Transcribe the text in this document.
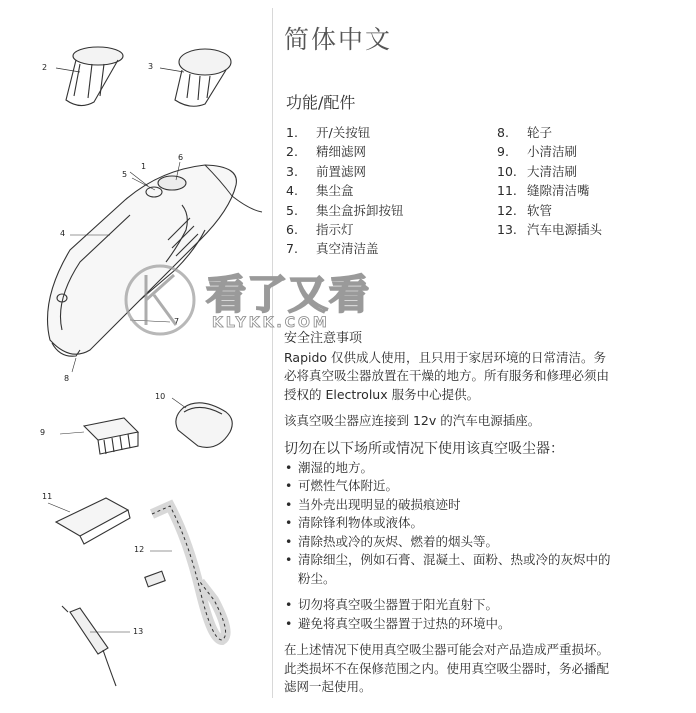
2	3
1
6
5
4
7
8
10
9
11
12
13
简体中文
功能/配件
1. 开/关按钮
2. 精细滤网
3. 前置滤网
4. 集尘盒
5. 集尘盒拆卸按钮
6. 指示灯
7. 真空清洁盖
8. 轮子
9. 小清洁刷
10. 大清洁刷
11. 缝隙清洁嘴
12. 软管
13. 汽车电源插头

安全注意事项

Rapido 仅供成人使用，且只用于家居环境的日常清洁。务

必将真空吸尘器放置在干燥的地方。所有服务和修理必须由

授权的 Electrolux 服务中心提供。

该真空吸尘器应连接到 12v 的汽车电源插座。

切勿在以下场所或情况下使用该真空吸尘器：

• 潮湿的地方。
• 可燃性气体附近。
• 当外壳出现明显的破损痕迹时
• 清除锋利物体或液体。
• 清除热或冷的灰烬、燃着的烟头等。
• 清除细尘，例如石膏、混凝土、面粉、热或冷的灰烬中的
粉尘。
• 切勿将真空吸尘器置于阳光直射下。
• 避免将真空吸尘器置于过热的环境中。

在上述情况下使用真空吸尘器可能会对产品造成严重损坏。

此类损坏不在保修范围之内。使用真空吸尘器时，务必播配

滤网一起使用。

看了又看
KLYKK.COM
